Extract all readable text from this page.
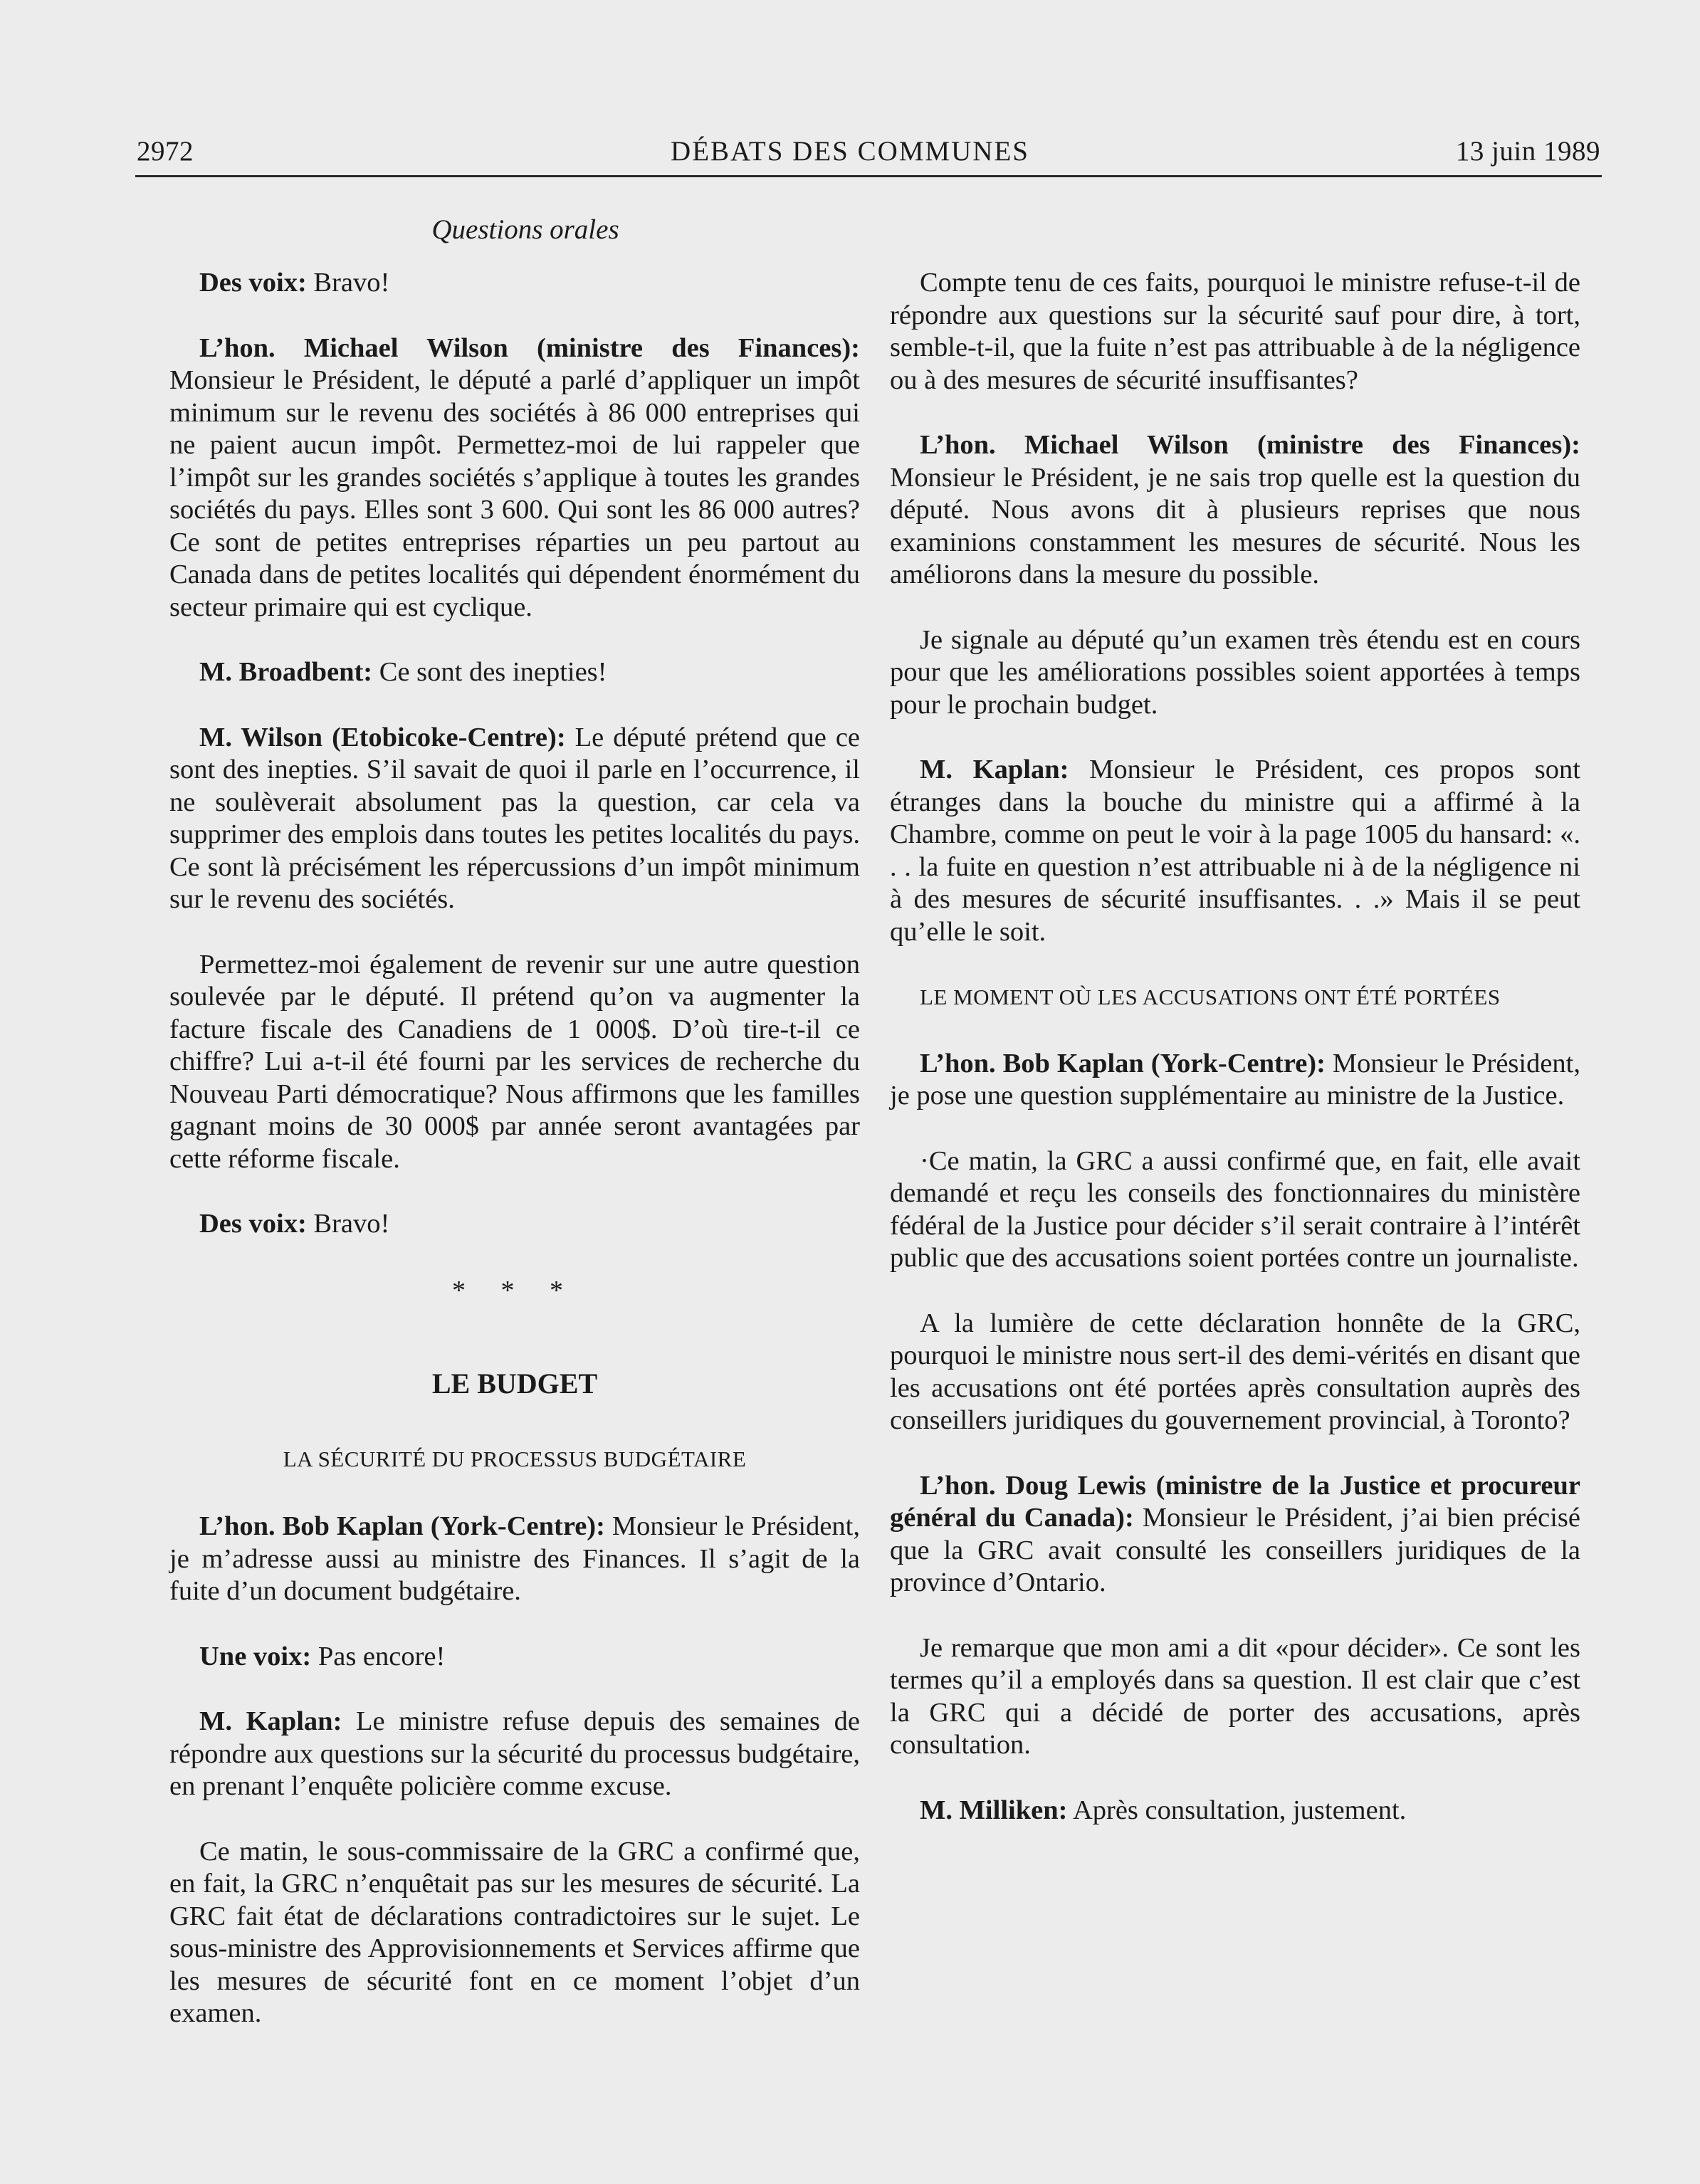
2972	DÉBATS DES COMMUNES	13 juin 1989
Questions orales

Des voix: Bravo!

L’hon. Michael Wilson (ministre des Finances): Monsieur le Président, le député a parlé d’appliquer un impôt minimum sur le revenu des sociétés à 86 000 entreprises qui ne paient aucun impôt. Permettez-moi de lui rappeler que l’impôt sur les grandes sociétés s’applique à toutes les grandes sociétés du pays. Elles sont 3 600. Qui sont les 86 000 autres? Ce sont de petites entreprises réparties un peu partout au Canada dans de petites localités qui dépendent énormément du secteur primaire qui est cyclique.

M. Broadbent: Ce sont des inepties!

M. Wilson (Etobicoke-Centre): Le député prétend que ce sont des inepties. S’il savait de quoi il parle en l’occurrence, il ne soulèverait absolument pas la question, car cela va supprimer des emplois dans toutes les petites localités du pays. Ce sont là précisément les répercussions d’un impôt minimum sur le revenu des sociétés.

Permettez-moi également de revenir sur une autre question soulevée par le député. Il prétend qu’on va augmenter la facture fiscale des Canadiens de 1 000$. D’où tire-t-il ce chiffre? Lui a-t-il été fourni par les services de recherche du Nouveau Parti démocratique? Nous affirmons que les familles gagnant moins de 30 000$ par année seront avantagées par cette réforme fiscale.

Des voix: Bravo!

* * *
LE BUDGET
LA SÉCURITÉ DU PROCESSUS BUDGÉTAIRE

L’hon. Bob Kaplan (York-Centre): Monsieur le Président, je m’adresse aussi au ministre des Finances. Il s’agit de la fuite d’un document budgétaire.

Une voix: Pas encore!

M. Kaplan: Le ministre refuse depuis des semaines de répondre aux questions sur la sécurité du processus budgétaire, en prenant l’enquête policière comme excuse.

Ce matin, le sous-commissaire de la GRC a confirmé que, en fait, la GRC n’enquêtait pas sur les mesures de sécurité. La GRC fait état de déclarations contradictoires sur le sujet. Le sous-ministre des Approvisionnements et Services affirme que les mesures de sécurité font en ce moment l’objet d’un examen.

Compte tenu de ces faits, pourquoi le ministre refuse-t-il de répondre aux questions sur la sécurité sauf pour dire, à tort, semble-t-il, que la fuite n’est pas attribuable à de la négligence ou à des mesures de sécurité insuffisantes?

L’hon. Michael Wilson (ministre des Finances): Monsieur le Président, je ne sais trop quelle est la question du député. Nous avons dit à plusieurs reprises que nous examinions constamment les mesures de sécurité. Nous les améliorons dans la mesure du possible.

Je signale au député qu’un examen très étendu est en cours pour que les améliorations possibles soient apportées à temps pour le prochain budget.

M. Kaplan: Monsieur le Président, ces propos sont étranges dans la bouche du ministre qui a affirmé à la Chambre, comme on peut le voir à la page 1005 du hansard: «. . . la fuite en question n’est attribuable ni à de la négligence ni à des mesures de sécurité insuffisantes. . .» Mais il se peut qu’elle le soit.

LE MOMENT OÙ LES ACCUSATIONS ONT ÉTÉ PORTÉES

L’hon. Bob Kaplan (York-Centre): Monsieur le Président, je pose une question supplémentaire au ministre de la Justice.

·Ce matin, la GRC a aussi confirmé que, en fait, elle avait demandé et reçu les conseils des fonctionnaires du ministère fédéral de la Justice pour décider s’il serait contraire à l’intérêt public que des accusations soient portées contre un journaliste.

A la lumière de cette déclaration honnête de la GRC, pourquoi le ministre nous sert-il des demi-vérités en disant que les accusations ont été portées après consultation auprès des conseillers juridiques du gouvernement provincial, à Toronto?

L’hon. Doug Lewis (ministre de la Justice et procureur général du Canada): Monsieur le Président, j’ai bien précisé que la GRC avait consulté les conseillers juridiques de la province d’Ontario.

Je remarque que mon ami a dit «pour décider». Ce sont les termes qu’il a employés dans sa question. Il est clair que c’est la GRC qui a décidé de porter des accusations, après consultation.

M. Milliken: Après consultation, justement.
